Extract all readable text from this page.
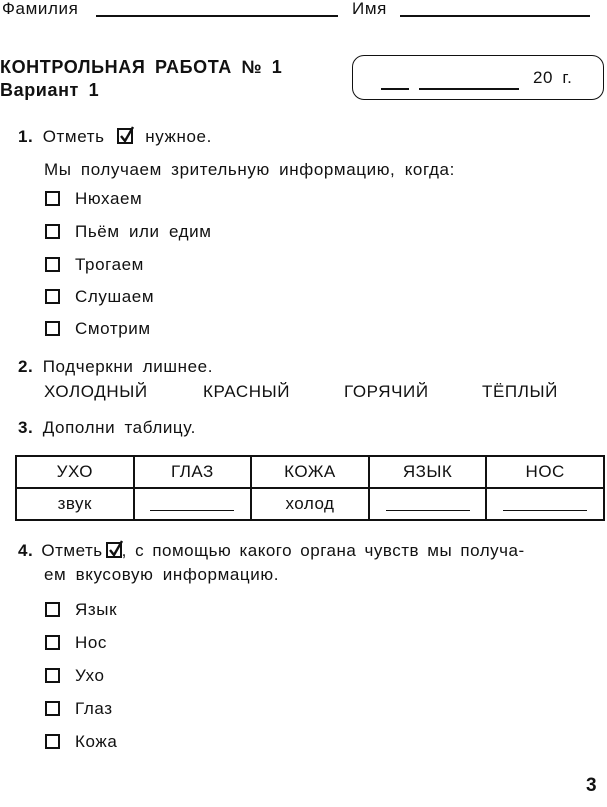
Фамилия	Имя
КОНТРОЛЬНАЯ РАБОТА № 1
Вариант 1
20 г.
1. Отметь нужное.
Мы получаем зрительную информацию, когда:
Нюхаем
Пьём или едим
Трогаем
Слушаем
Смотрим
2. Подчеркни лишнее.
ХОЛОДНЫЙ	КРАСНЫЙ	ГОРЯЧИЙ	ТЁПЛЫЙ
3. Дополни таблицу.
УХО	ГЛАЗ	КОЖА	ЯЗЫК	НОС
звук		холод	

4. Отметь , с помощью какого органа чувств мы получа-
ем вкусовую информацию.
Язык
Нос
Ухо
Глаз
Кожа
3
